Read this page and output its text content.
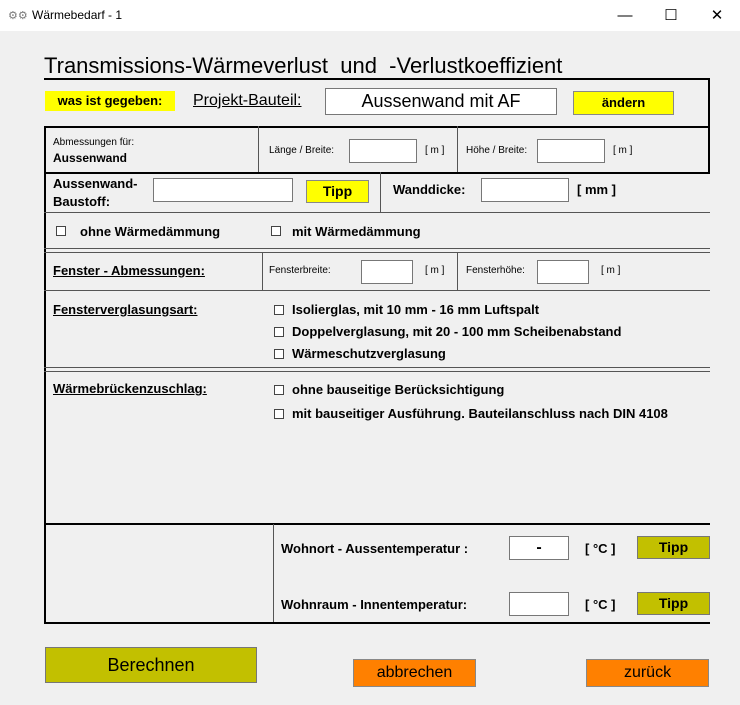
⚙⚙ Wärmebedarf - 1	—	☐	✕
Transmissions-Wärmeverlust  und  -Verlustkoeffizient
was ist gegeben:	Projekt-Bauteil:	Aussenwand mit AF	ändern
Abmessungen für:
Aussenwand
Länge / Breite:	[ m ] Höhe / Breite:	[ m ]
Aussenwand-
Baustoff:
Tipp	Wanddicke:	[ mm ]
ohne Wärmedämmung	mit Wärmedämmung
Fenster - Abmessungen:	Fensterbreite:	[ m ] Fensterhöhe:	[ m ]
Fensterverglasungsart:	Isolierglas, mit 10 mm - 16 mm Luftspalt
Doppelverglasung, mit 20 - 100 mm Scheibenabstand
Wärmeschutzverglasung
Wärmebrückenzuschlag:	ohne bauseitige Berücksichtigung
mit bauseitiger Ausführung. Bauteilanschluss nach DIN 4108
Wohnort - Aussentemperatur :	-	[ °C ]	Tipp
Wohnraum - Innentemperatur:	[ °C ]	Tipp
Berechnen	abbrechen	zurück
